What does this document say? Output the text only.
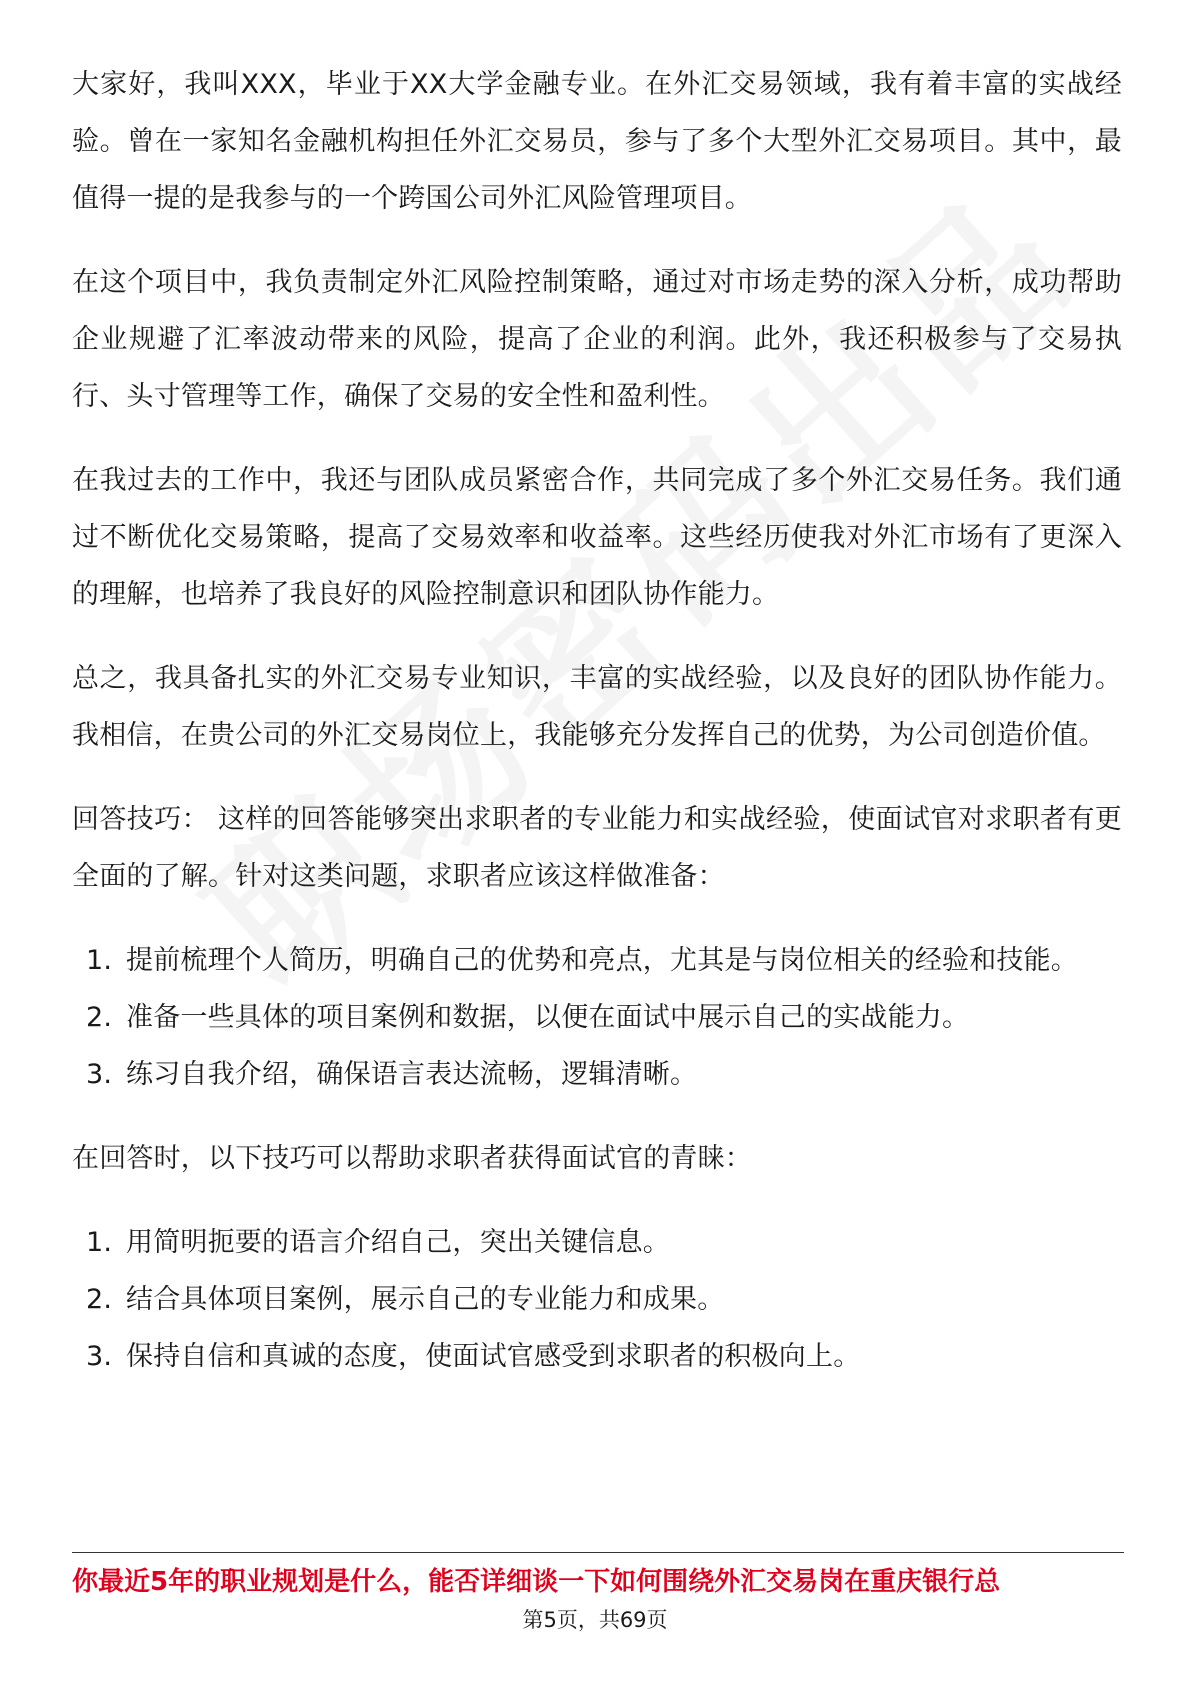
大家好，我叫XXX，毕业于XX大学金融专业。在外汇交易领域，我有着丰富的实战经验。曾在一家知名金融机构担任外汇交易员，参与了多个大型外汇交易项目。其中，最值得一提的是我参与的一个跨国公司外汇风险管理项目。

在这个项目中，我负责制定外汇风险控制策略，通过对市场走势的深入分析，成功帮助企业规避了汇率波动带来的风险，提高了企业的利润。此外，我还积极参与了交易执行、头寸管理等工作，确保了交易的安全性和盈利性。

在我过去的工作中，我还与团队成员紧密合作，共同完成了多个外汇交易任务。我们通过不断优化交易策略，提高了交易效率和收益率。这些经历使我对外汇市场有了更深入的理解，也培养了我良好的风险控制意识和团队协作能力。

总之，我具备扎实的外汇交易专业知识，丰富的实战经验，以及良好的团队协作能力。我相信，在贵公司的外汇交易岗位上，我能够充分发挥自己的优势，为公司创造价值。

回答技巧： 这样的回答能够突出求职者的专业能力和实战经验，使面试官对求职者有更全面的了解。针对这类问题，求职者应该这样做准备：

1. 提前梳理个人简历，明确自己的优势和亮点，尤其是与岗位相关的经验和技能。
2. 准备一些具体的项目案例和数据，以便在面试中展示自己的实战能力。
3. 练习自我介绍，确保语言表达流畅，逻辑清晰。

在回答时，以下技巧可以帮助求职者获得面试官的青睐：

1. 用简明扼要的语言介绍自己，突出关键信息。
2. 结合具体项目案例，展示自己的专业能力和成果。
3. 保持自信和真诚的态度，使面试官感受到求职者的积极向上。
你最近5年的职业规划是什么，能否详细谈一下如何围绕外汇交易岗在重庆银行总
第5页，共69页
